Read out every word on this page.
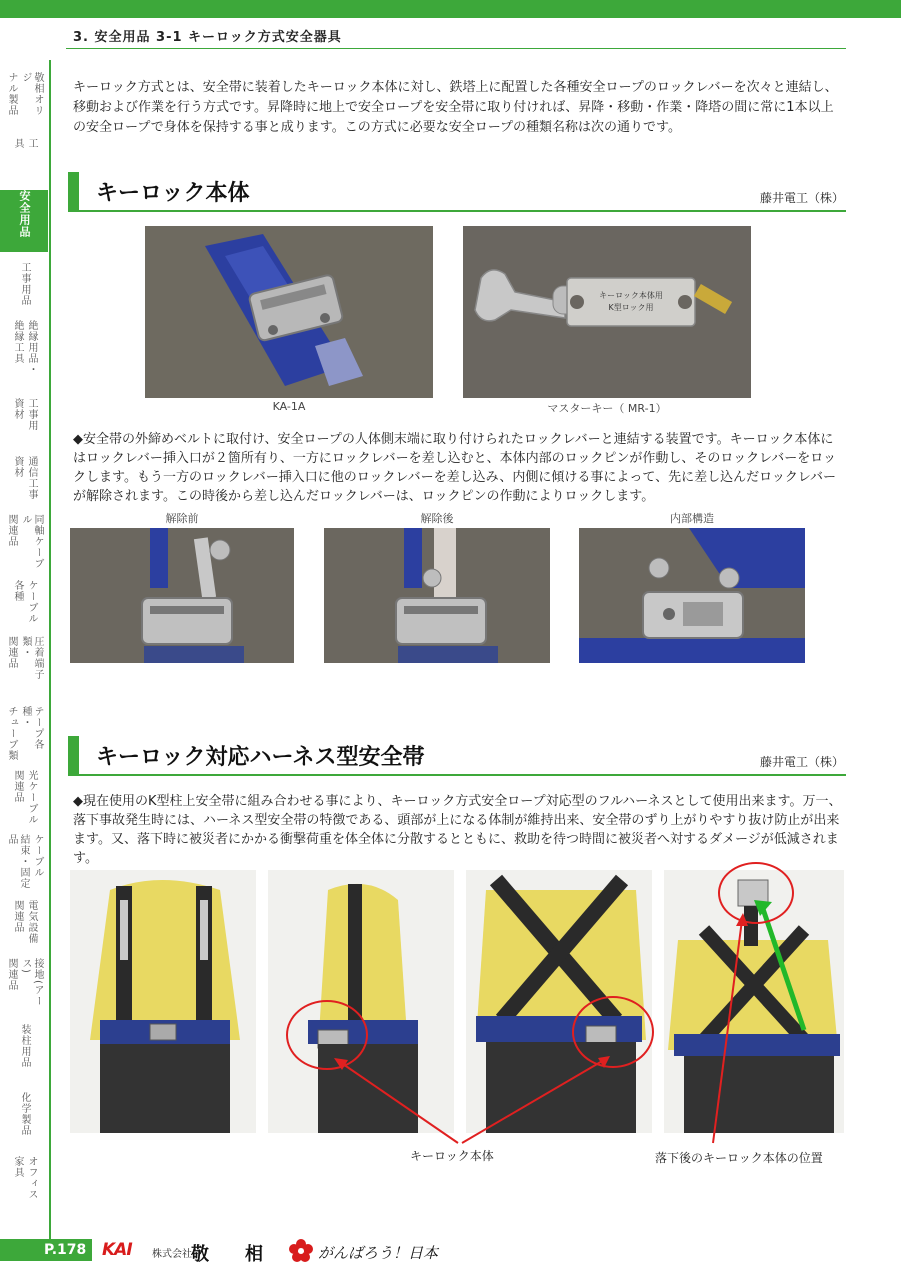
3. 安全用品 3-1 キーロック方式安全器具
敬相オリジ
ナル製品
工
具
安全用品
工事用品
絶縁用品・
絶縁工具
工事用
資材
通信工事
資材
同軸ケーブル
関連品
ケーブル
各種
圧着端子類・
関連品
テープ各種・
チューブ類
光ケーブル
関連品
ケーブル
結束・固定品
電気設備
関連品
接地(アース)
関連品
装柱用品
化学製品
オフィス
家具
キーロック方式とは、安全帯に装着したキーロック本体に対し、鉄塔上に配置した各種安全ロープのロックレバーを次々と連結し、移動および作業を行う方式です。昇降時に地上で安全ロープを安全帯に取り付ければ、昇降・移動・作業・降塔の間に常に1本以上の安全ロープで身体を保持する事と成ります。この方式に必要な安全ロープの種類名称は次の通りです。
キーロック本体	藤井電工（株）
KA-1A
キーロック本体用
K型ロック用
マスターキー（ MR-1）
◆安全帯の外締めベルトに取付け、安全ロープの人体側末端に取り付けられたロックレバーと連結する装置です。キーロック本体にはロックレバー挿入口が２箇所有り、一方にロックレバーを差し込むと、本体内部のロックピンが作動し、そのロックレバーをロックします。もう一方のロックレバー挿入口に他のロックレバーを差し込み、内側に傾ける事によって、先に差し込んだロックレバーが解除されます。この時後から差し込んだロックレバーは、ロックピンの作動によりロックします。
解除前	解除後	内部構造
キーロック対応ハーネス型安全帯	藤井電工（株）
◆現在使用のK型柱上安全帯に組み合わせる事により、キーロック方式安全ロープ対応型のフルハーネスとして使用出来ます。万一、落下事故発生時には、ハーネス型安全帯の特徴である、頭部が上になる体制が維持出来、安全帯のずり上がりやすり抜け防止が出来ます。又、落下時に被災者にかかる衝撃荷重を体全体に分散するとともに、救助を待つ時間に被災者へ対するダメージが低減されます。
キーロック本体	落下後のキーロック本体の位置
P.178 KAI 株式会社 敬 相	がんばろう！日本
